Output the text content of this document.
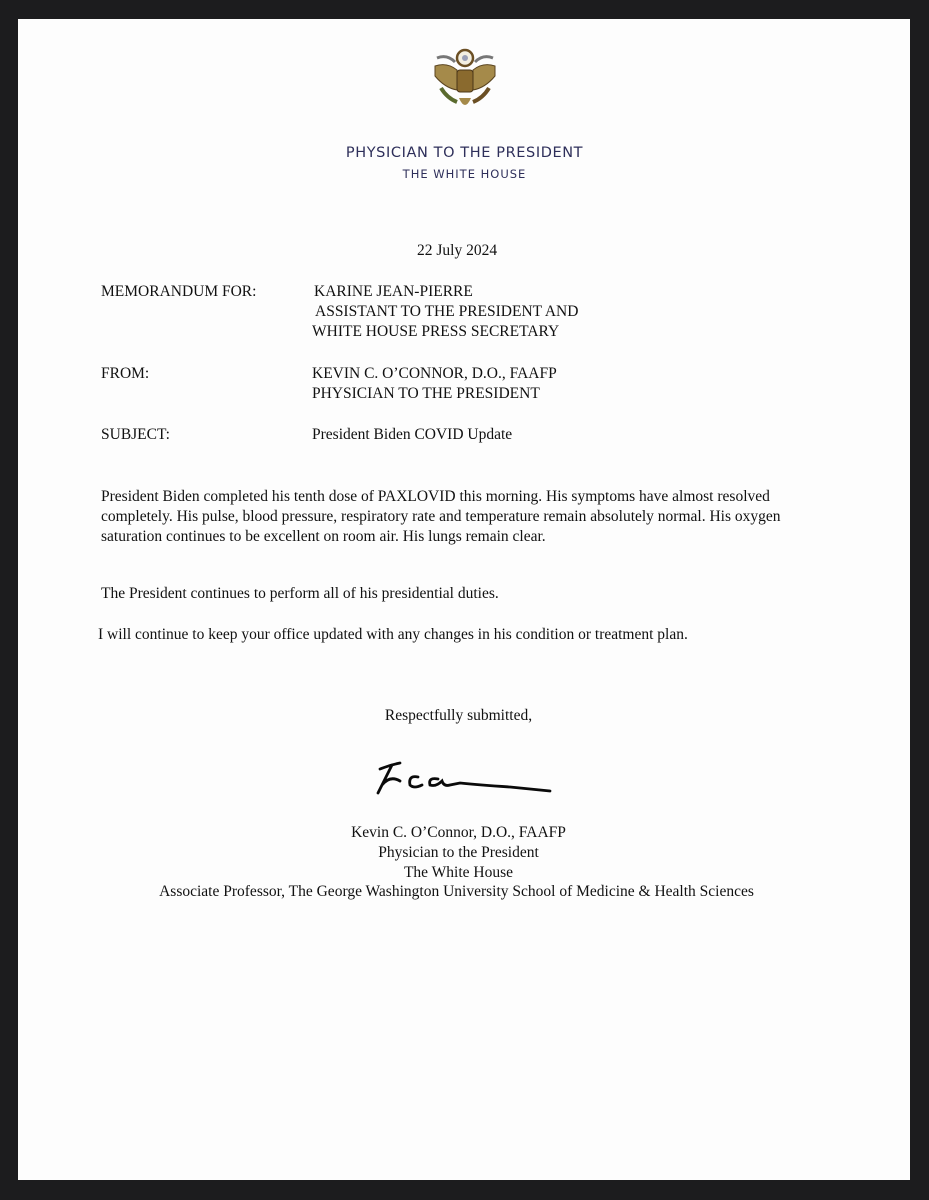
PHYSICIAN TO THE PRESIDENT
THE WHITE HOUSE
22 July 2024
MEMORANDUM FOR:	KARINE JEAN-PIERRE
ASSISTANT TO THE PRESIDENT AND
WHITE HOUSE PRESS SECRETARY
FROM:	KEVIN C. O’CONNOR, D.O., FAAFP
PHYSICIAN TO THE PRESIDENT
SUBJECT:	President Biden COVID Update
President Biden completed his tenth dose of PAXLOVID this morning. His symptoms have almost resolved completely. His pulse, blood pressure, respiratory rate and temperature remain absolutely normal. His oxygen saturation continues to be excellent on room air. His lungs remain clear.
The President continues to perform all of his presidential duties.
I will continue to keep your office updated with any changes in his condition or treatment plan.
Respectfully submitted,
Kevin C. O’Connor, D.O., FAAFP
Physician to the President
The White House
Associate Professor, The George Washington University School of Medicine & Health Sciences
